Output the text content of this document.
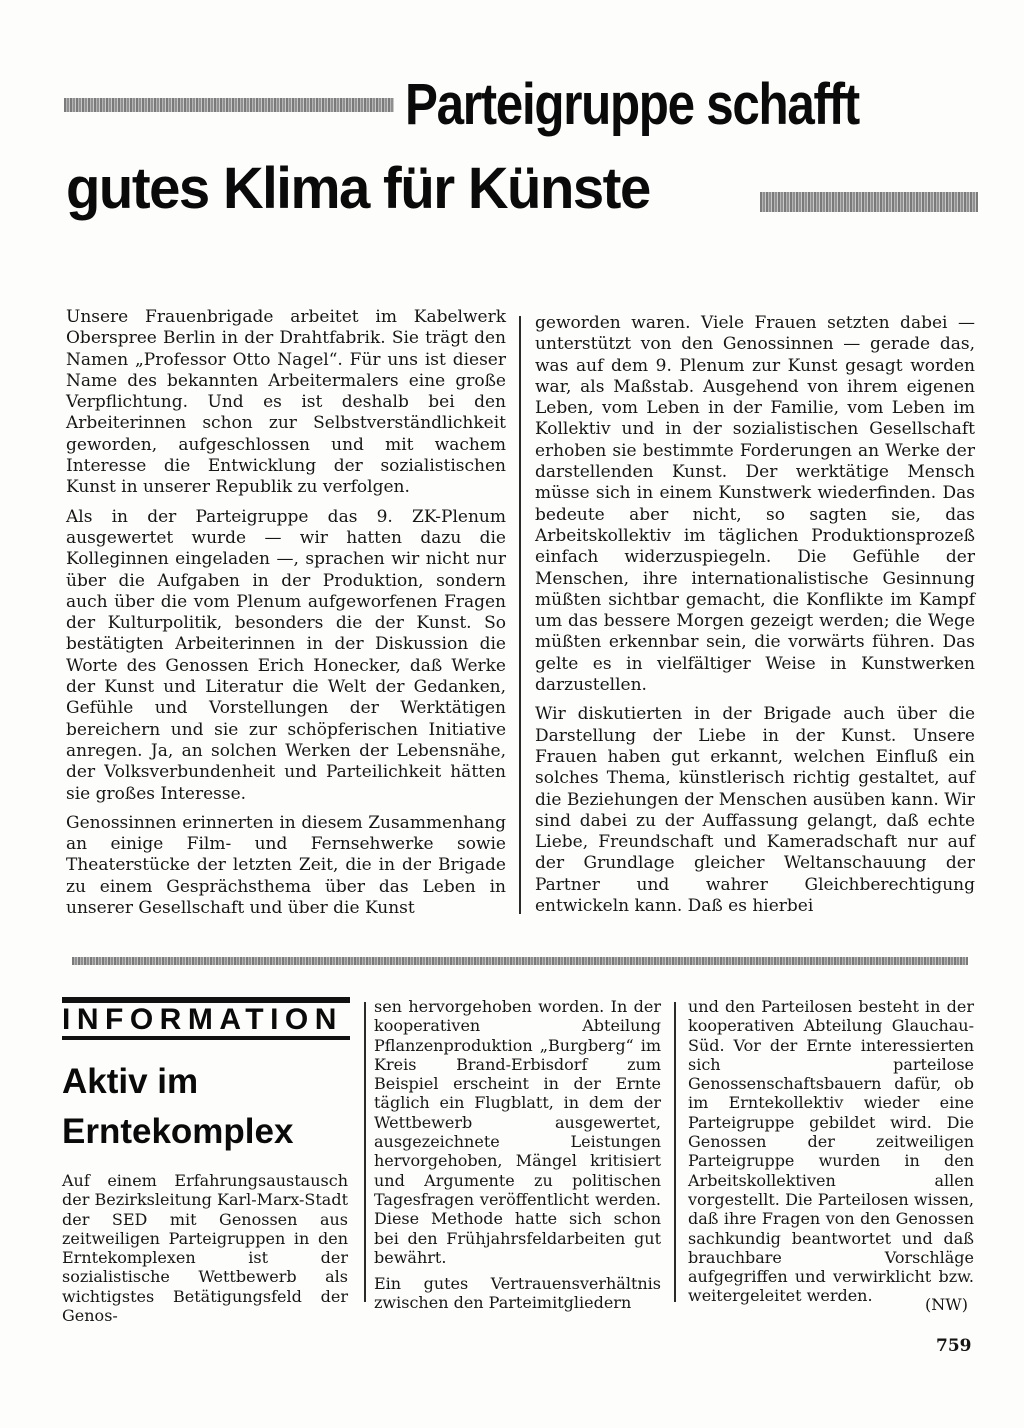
Parteigruppe schafft
gutes Klima für Künste

Unsere Frauenbrigade arbeitet im Kabelwerk Oberspree Berlin in der Drahtfabrik. Sie trägt den Namen „Professor Otto Nagel“. Für uns ist dieser Name des bekannten Arbeitermalers eine große Verpflichtung. Und es ist deshalb bei den Arbeiterinnen schon zur Selbstverständlichkeit geworden, aufgeschlossen und mit wachem Interesse die Entwicklung der sozialistischen Kunst in unserer Republik zu verfolgen.

Als in der Parteigruppe das 9. ZK-Plenum ausgewertet wurde — wir hatten dazu die Kolleginnen eingeladen —, sprachen wir nicht nur über die Aufgaben in der Produktion, sondern auch über die vom Plenum aufgeworfenen Fragen der Kulturpolitik, besonders die der Kunst. So bestätigten Arbeiterinnen in der Diskussion die Worte des Genossen Erich Honecker, daß Werke der Kunst und Literatur die Welt der Gedanken, Gefühle und Vorstellungen der Werktätigen bereichern und sie zur schöpferischen Initiative anregen. Ja, an solchen Werken der Lebensnähe, der Volksverbundenheit und Parteilichkeit hätten sie großes Interesse.

Genossinnen erinnerten in diesem Zusammenhang an einige Film- und Fernsehwerke sowie Theaterstücke der letzten Zeit, die in der Brigade zu einem Gesprächsthema über das Leben in unserer Gesellschaft und über die Kunst

geworden waren. Viele Frauen setzten dabei — unterstützt von den Genossinnen — gerade das, was auf dem 9. Plenum zur Kunst gesagt worden war, als Maßstab. Ausgehend von ihrem eigenen Leben, vom Leben in der Familie, vom Leben im Kollektiv und in der sozialistischen Gesellschaft erhoben sie bestimmte Forderungen an Werke der darstellenden Kunst. Der werktätige Mensch müsse sich in einem Kunstwerk wiederfinden. Das bedeute aber nicht, so sagten sie, das Arbeitskollektiv im täglichen Produktionsprozeß einfach widerzuspiegeln. Die Gefühle der Menschen, ihre internationalistische Gesinnung müßten sichtbar gemacht, die Konflikte im Kampf um das bessere Morgen gezeigt werden; die Wege müßten erkennbar sein, die vorwärts führen. Das gelte es in vielfältiger Weise in Kunstwerken darzustellen.

Wir diskutierten in der Brigade auch über die Darstellung der Liebe in der Kunst. Unsere Frauen haben gut erkannt, welchen Einfluß ein solches Thema, künstlerisch richtig gestaltet, auf die Beziehungen der Menschen ausüben kann. Wir sind dabei zu der Auffassung gelangt, daß echte Liebe, Freundschaft und Kameradschaft nur auf der Grundlage gleicher Weltanschauung der Partner und wahrer Gleichberechtigung entwickeln kann. Daß es hierbei

INFORMATION
Aktiv im
Erntekomplex

Auf einem Erfahrungsaustausch der Bezirksleitung Karl-Marx-Stadt der SED mit Genossen aus zeitweiligen Parteigruppen in den Erntekomplexen ist der sozialistische Wettbewerb als wichtigstes Betätigungsfeld der Genos-

sen hervorgehoben worden. In der kooperativen Abteilung Pflanzenproduktion „Burgberg“ im Kreis Brand-Erbisdorf zum Beispiel erscheint in der Ernte täglich ein Flugblatt, in dem der Wettbewerb ausgewertet, ausgezeichnete Leistungen hervorgehoben, Mängel kritisiert und Argumente zu politischen Tagesfragen veröffentlicht werden. Diese Methode hatte sich schon bei den Frühjahrsfeldarbeiten gut bewährt.

Ein gutes Vertrauensverhältnis zwischen den Parteimitgliedern

und den Parteilosen besteht in der kooperativen Abteilung Glauchau-Süd. Vor der Ernte interessierten sich parteilose Genossenschaftsbauern dafür, ob im Erntekollektiv wieder eine Parteigruppe gebildet wird. Die Genossen der zeitweiligen Parteigruppe wurden in den Arbeitskollektiven allen vorgestellt. Die Parteilosen wissen, daß ihre Fragen von den Genossen sachkundig beantwortet und daß brauchbare Vorschläge aufgegriffen und verwirklicht bzw. weitergeleitet werden.	(NW)
759
